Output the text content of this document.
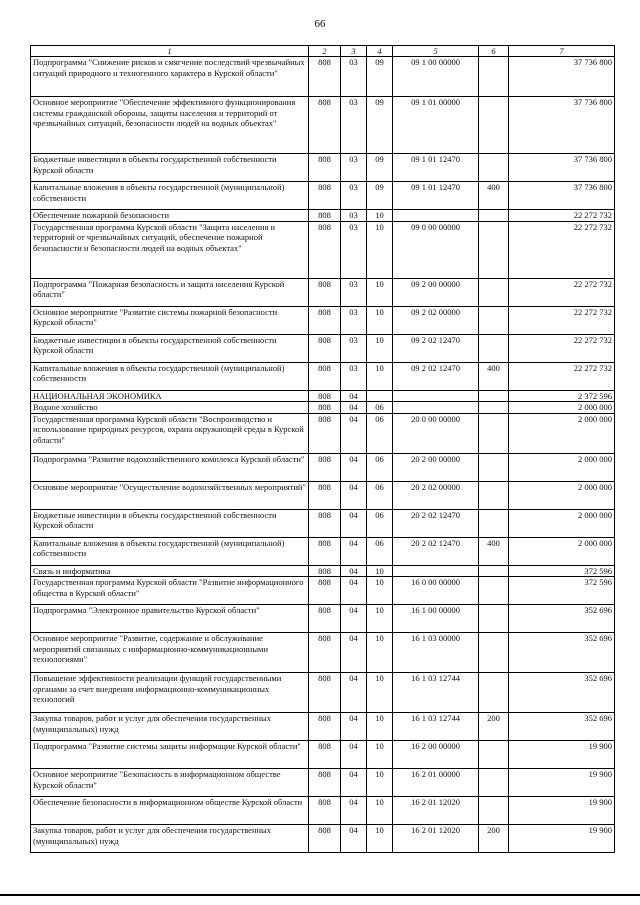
66
1	2	3	4	5	6	7
Подпрограмма "Снижение рисков и смягчение последствий чрезвычайных ситуаций природного и техногенного характера в Курской области"	808	03	09	09 1 00 00000		37 736 800
Основное мероприятие "Обеспечение эффективного функционирования системы гражданской обороны, защиты населения и территорий от чрезвычайных ситуаций, безопасности людей на водных объектах"	808	03	09	09 1 01 00000		37 736 800
Бюджетные инвестиции в объекты государственной собственности Курской области	808	03	09	09 1 01 12470		37 736 800
Капитальные вложения в объекты государственной (муниципальной) собственности	808	03	09	09 1 01 12470	400	37 736 800
Обеспечение пожарной безопасности	808	03	10			22 272 732
Государственная программа Курской области "Защита населения и территорий от чрезвычайных ситуаций, обеспечение пожарной безопасности и безопасности людей на водных объектах"	808	03	10	09 0 00 00000		22 272 732
Подпрограмма "Пожарная безопасность и защита населения Курской области"	808	03	10	09 2 00 00000		22 272 732
Основное мероприятие "Развитие системы пожарной безопасности Курской области"	808	03	10	09 2 02 00000		22 272 732
Бюджетные инвестиции в объекты государственной собственности Курской области	808	03	10	09 2 02 12470		22 272 732
Капитальные вложения в объекты государственной (муниципальной) собственности	808	03	10	09 2 02 12470	400	22 272 732
НАЦИОНАЛЬНАЯ ЭКОНОМИКА	808	04				2 372 596
Водное хозяйство	808	04	06			2 000 000
Государственная программа Курской области "Воспроизводство и использование природных ресурсов, охрана окружающей среды в Курской области"	808	04	06	20 0 00 00000		2 000 000
Подпрограмма "Развитие водохозяйственного комплекса Курской области"	808	04	06	20 2 00 00000		2 000 000
Основное мероприятие "Осуществление водохозяйственных мероприятий"	808	04	06	20 2 02 00000		2 000 000
Бюджетные инвестиции в объекты государственной собственности Курской области	808	04	06	20 2 02 12470		2 000 000
Капитальные вложения в объекты государственной (муниципальной) собственности	808	04	06	20 2 02 12470	400	2 000 000
Связь и информатика	808	04	10			372 596
Государственная программа Курской области "Развитие информационного общества в Курской области"	808	04	10	16 0 00 00000		372 596
Подпрограмма "Электронное правительство Курской области"	808	04	10	16 1 00 00000		352 696
Основное мероприятие "Развитие, содержание и обслуживание мероприятий связанных с информационно-коммуникационными технологиями"	808	04	10	16 1 03 00000		352 696
Повышение эффективности реализации функций государственными органами за счет внедрения информационно-коммуникационных технологий	808	04	10	16 1 03 12744		352 696
Закупка товаров, работ и услуг для обеспечения государственных (муниципальных) нужд	808	04	10	16 1 03 12744	200	352 696
Подпрограмма "Развитие системы защиты информации Курской области"	808	04	10	16 2 00 00000		19 900
Основное мероприятие "Безопасность в информационном обществе Курской области"	808	04	10	16 2 01 00000		19 900
Обеспечение безопасности в информационном обществе Курской области	808	04	10	16 2 01 12020		19 900
Закупка товаров, работ и услуг для обеспечения государственных (муниципальных) нужд	808	04	10	16 2 01 12020	200	19 900
